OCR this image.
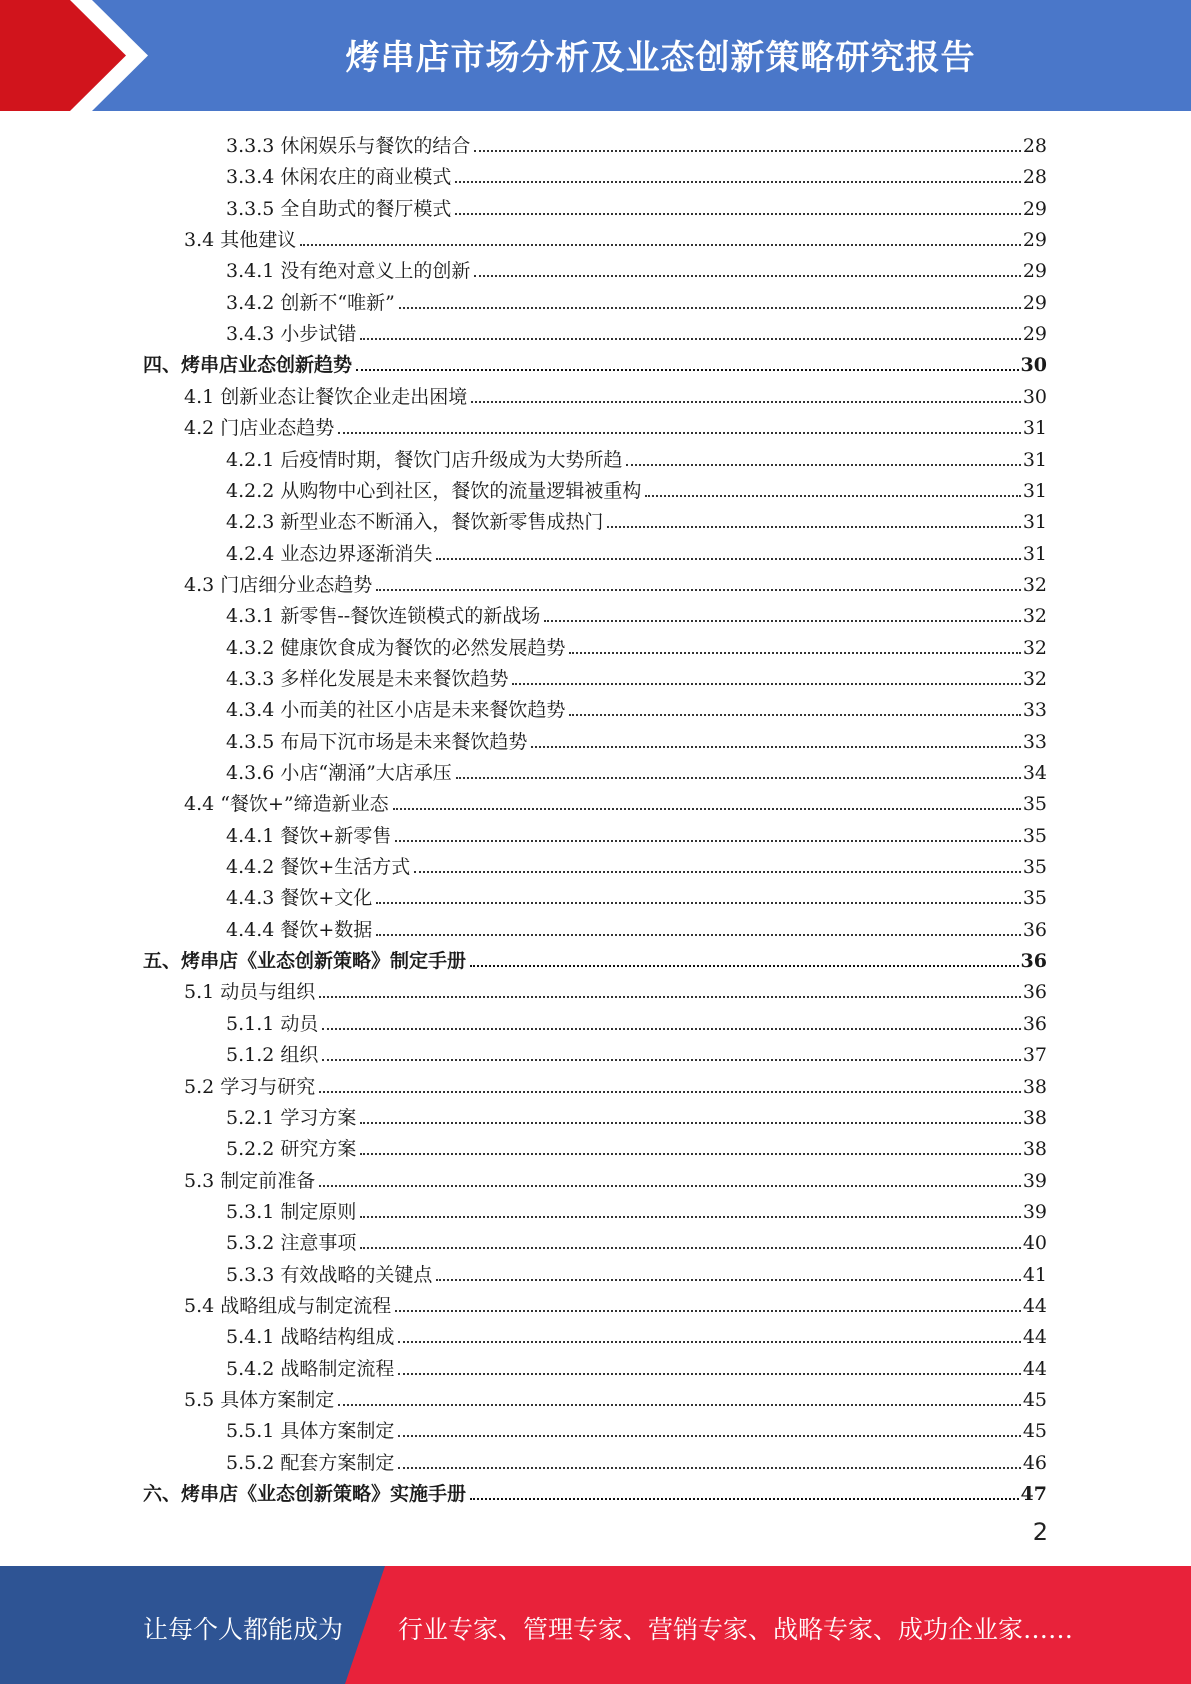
烤串店市场分析及业态创新策略研究报告
3.3.3 休闲娱乐与餐饮的结合	28
3.3.4 休闲农庄的商业模式	28
3.3.5 全自助式的餐厅模式	29
3.4 其他建议	29
3.4.1 没有绝对意义上的创新	29
3.4.2 创新不“唯新”	29
3.4.3 小步试错	29
四、烤串店业态创新趋势	30
4.1 创新业态让餐饮企业走出困境	30
4.2 门店业态趋势	31
4.2.1 后疫情时期，餐饮门店升级成为大势所趋	31
4.2.2 从购物中心到社区，餐饮的流量逻辑被重构	31
4.2.3 新型业态不断涌入，餐饮新零售成热门	31
4.2.4 业态边界逐渐消失	31
4.3 门店细分业态趋势	32
4.3.1 新零售--餐饮连锁模式的新战场	32
4.3.2 健康饮食成为餐饮的必然发展趋势	32
4.3.3 多样化发展是未来餐饮趋势	32
4.3.4 小而美的社区小店是未来餐饮趋势	33
4.3.5 布局下沉市场是未来餐饮趋势	33
4.3.6 小店“潮涌”大店承压	34
4.4 “餐饮+”缔造新业态	35
4.4.1 餐饮+新零售	35
4.4.2 餐饮+生活方式	35
4.4.3 餐饮+文化	35
4.4.4 餐饮+数据	36
五、烤串店《业态创新策略》制定手册	36
5.1 动员与组织	36
5.1.1 动员	36
5.1.2 组织	37
5.2 学习与研究	38
5.2.1 学习方案	38
5.2.2 研究方案	38
5.3 制定前准备	39
5.3.1 制定原则	39
5.3.2 注意事项	40
5.3.3 有效战略的关键点	41
5.4 战略组成与制定流程	44
5.4.1 战略结构组成	44
5.4.2 战略制定流程	44
5.5 具体方案制定	45
5.5.1 具体方案制定	45
5.5.2 配套方案制定	46
六、烤串店《业态创新策略》实施手册	47
2
让每个人都能成为 行业专家、管理专家、营销专家、战略专家、成功企业家……
